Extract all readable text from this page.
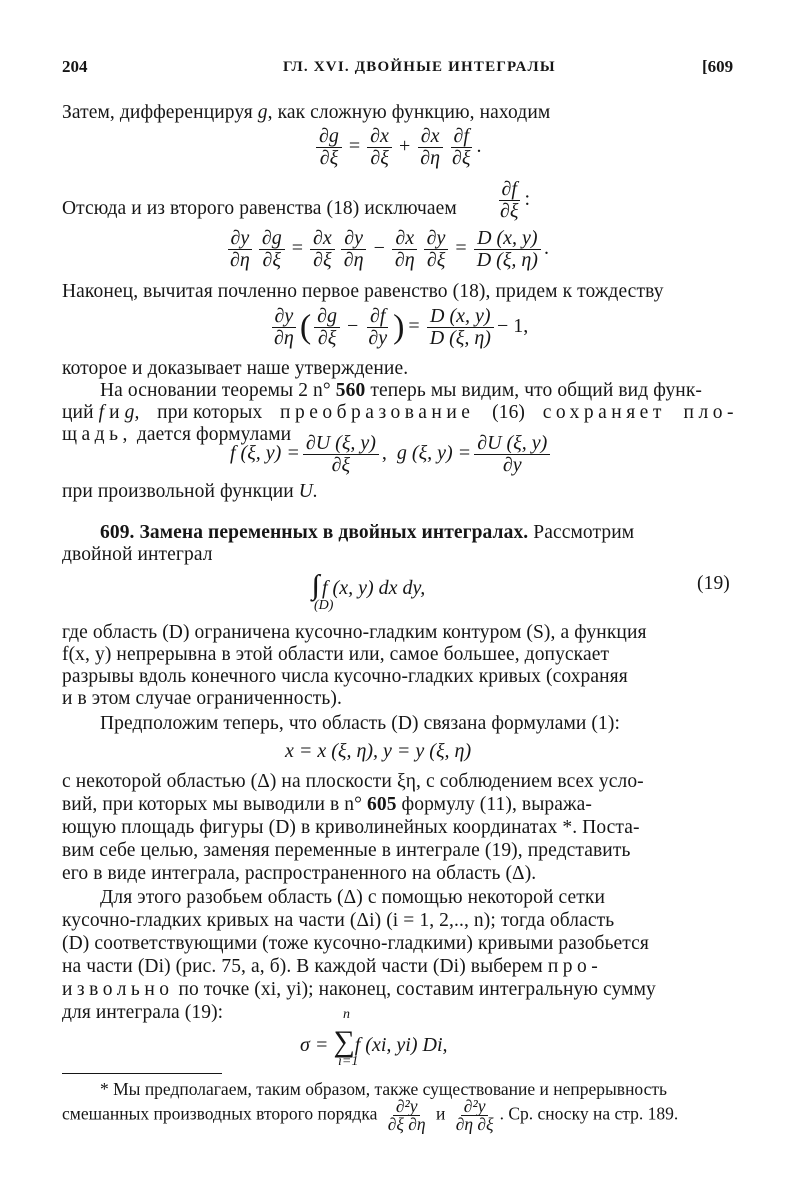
204	ГЛ. XVI. ДВОЙНЫЕ ИНТЕГРАЛЫ	[609
Затем, дифференцируя g, как сложную функцию, находим
$\frac{\partial g}{\partial\xi} = \frac{\partial x}{\partial\xi} + \frac{\partial x}{\partial\eta} \frac{\partial f}{\partial\xi}$ .
Отсюда и из второго равенства (18) исключаем $\frac{\partial f}{\partial\xi}$ :
$\frac{\partial y}{\partial\eta} \frac{\partial g}{\partial\xi} = \frac{\partial x}{\partial\xi} \frac{\partial y}{\partial\eta} - \frac{\partial x}{\partial\eta} \frac{\partial y}{\partial\xi} = \frac{D (x, y)}{D (\xi, \eta)}$ .
Наконец, вычитая почленно первое равенство (18), придем к тождеству
$\frac{\partial y}{\partial\eta}$ ( $\frac{\partial g}{\partial\xi} - \frac{\partial f}{\partial y}$ ) = $\frac{D (x, y)}{D (\xi, \eta)} - 1$,
которое и доказывает наше утверждение.
На основании теоремы 2 n° 560 теперь мы видим, что общий вид функ-
ций f и g, при которых преобразование (16) сохраняет пло-
щадь, дается формулами
f (ξ, $y) = \frac{\partial U (\xi, y)}{\partial\xi}$ ,  g (ξ, $y) = \frac{\partial U (\xi, y)}{\partial y}$
при произвольной функции U.
609. Замена переменных в двойных интегралах. Рассмотрим
двойной интеграл
f (x, y) dx dy,
(D)
(19)
где область (D) ограничена кусочно-гладким контуром (S), а функция
f(x, y) непрерывна в этой области или, самое большее, допускает
разрывы вдоль конечного числа кусочно-гладких кривых (сохраняя
и в этом случае ограниченность).
Предположим теперь, что область (D) связана формулами (1):
x = x (ξ, η), y = y (ξ, η)
с некоторой областью (Δ) на плоскости ξη, с соблюдением всех усло-
вий, при которых мы выводили в n° 605 формулу (11), выража-
ющую площадь фигуры (D) в криволинейных координатах *. Поста-
вим себе целью, заменяя переменные в интеграле (19), представить
его в виде интеграла, распространенного на область (Δ).
Для этого разобьем область (Δ) с помощью некоторой сетки
кусочно-гладких кривых на части (Δi) (i = 1, 2,.., n); тогда область
(D) соответствующими (тоже кусочно-гладкими) кривыми разобьется
на части (Di) (рис. 75, а, б). В каждой части (Di) выберем про-
извольно по точке (xi, yi); наконец, составим интегральную сумму
для интеграла (19):	n
σ = ∑f (xi, yi) Di,
i=1
* Мы предполагаем, таким образом, также существование и непрерывность
смешанных производных второго порядка $\frac{\text{∂²y}}{\partial\xi \partial\eta}$ и $\frac{\text{∂²y}}{\partial\eta \partial\xi}$ . Ср. сноску на стр. 189.
